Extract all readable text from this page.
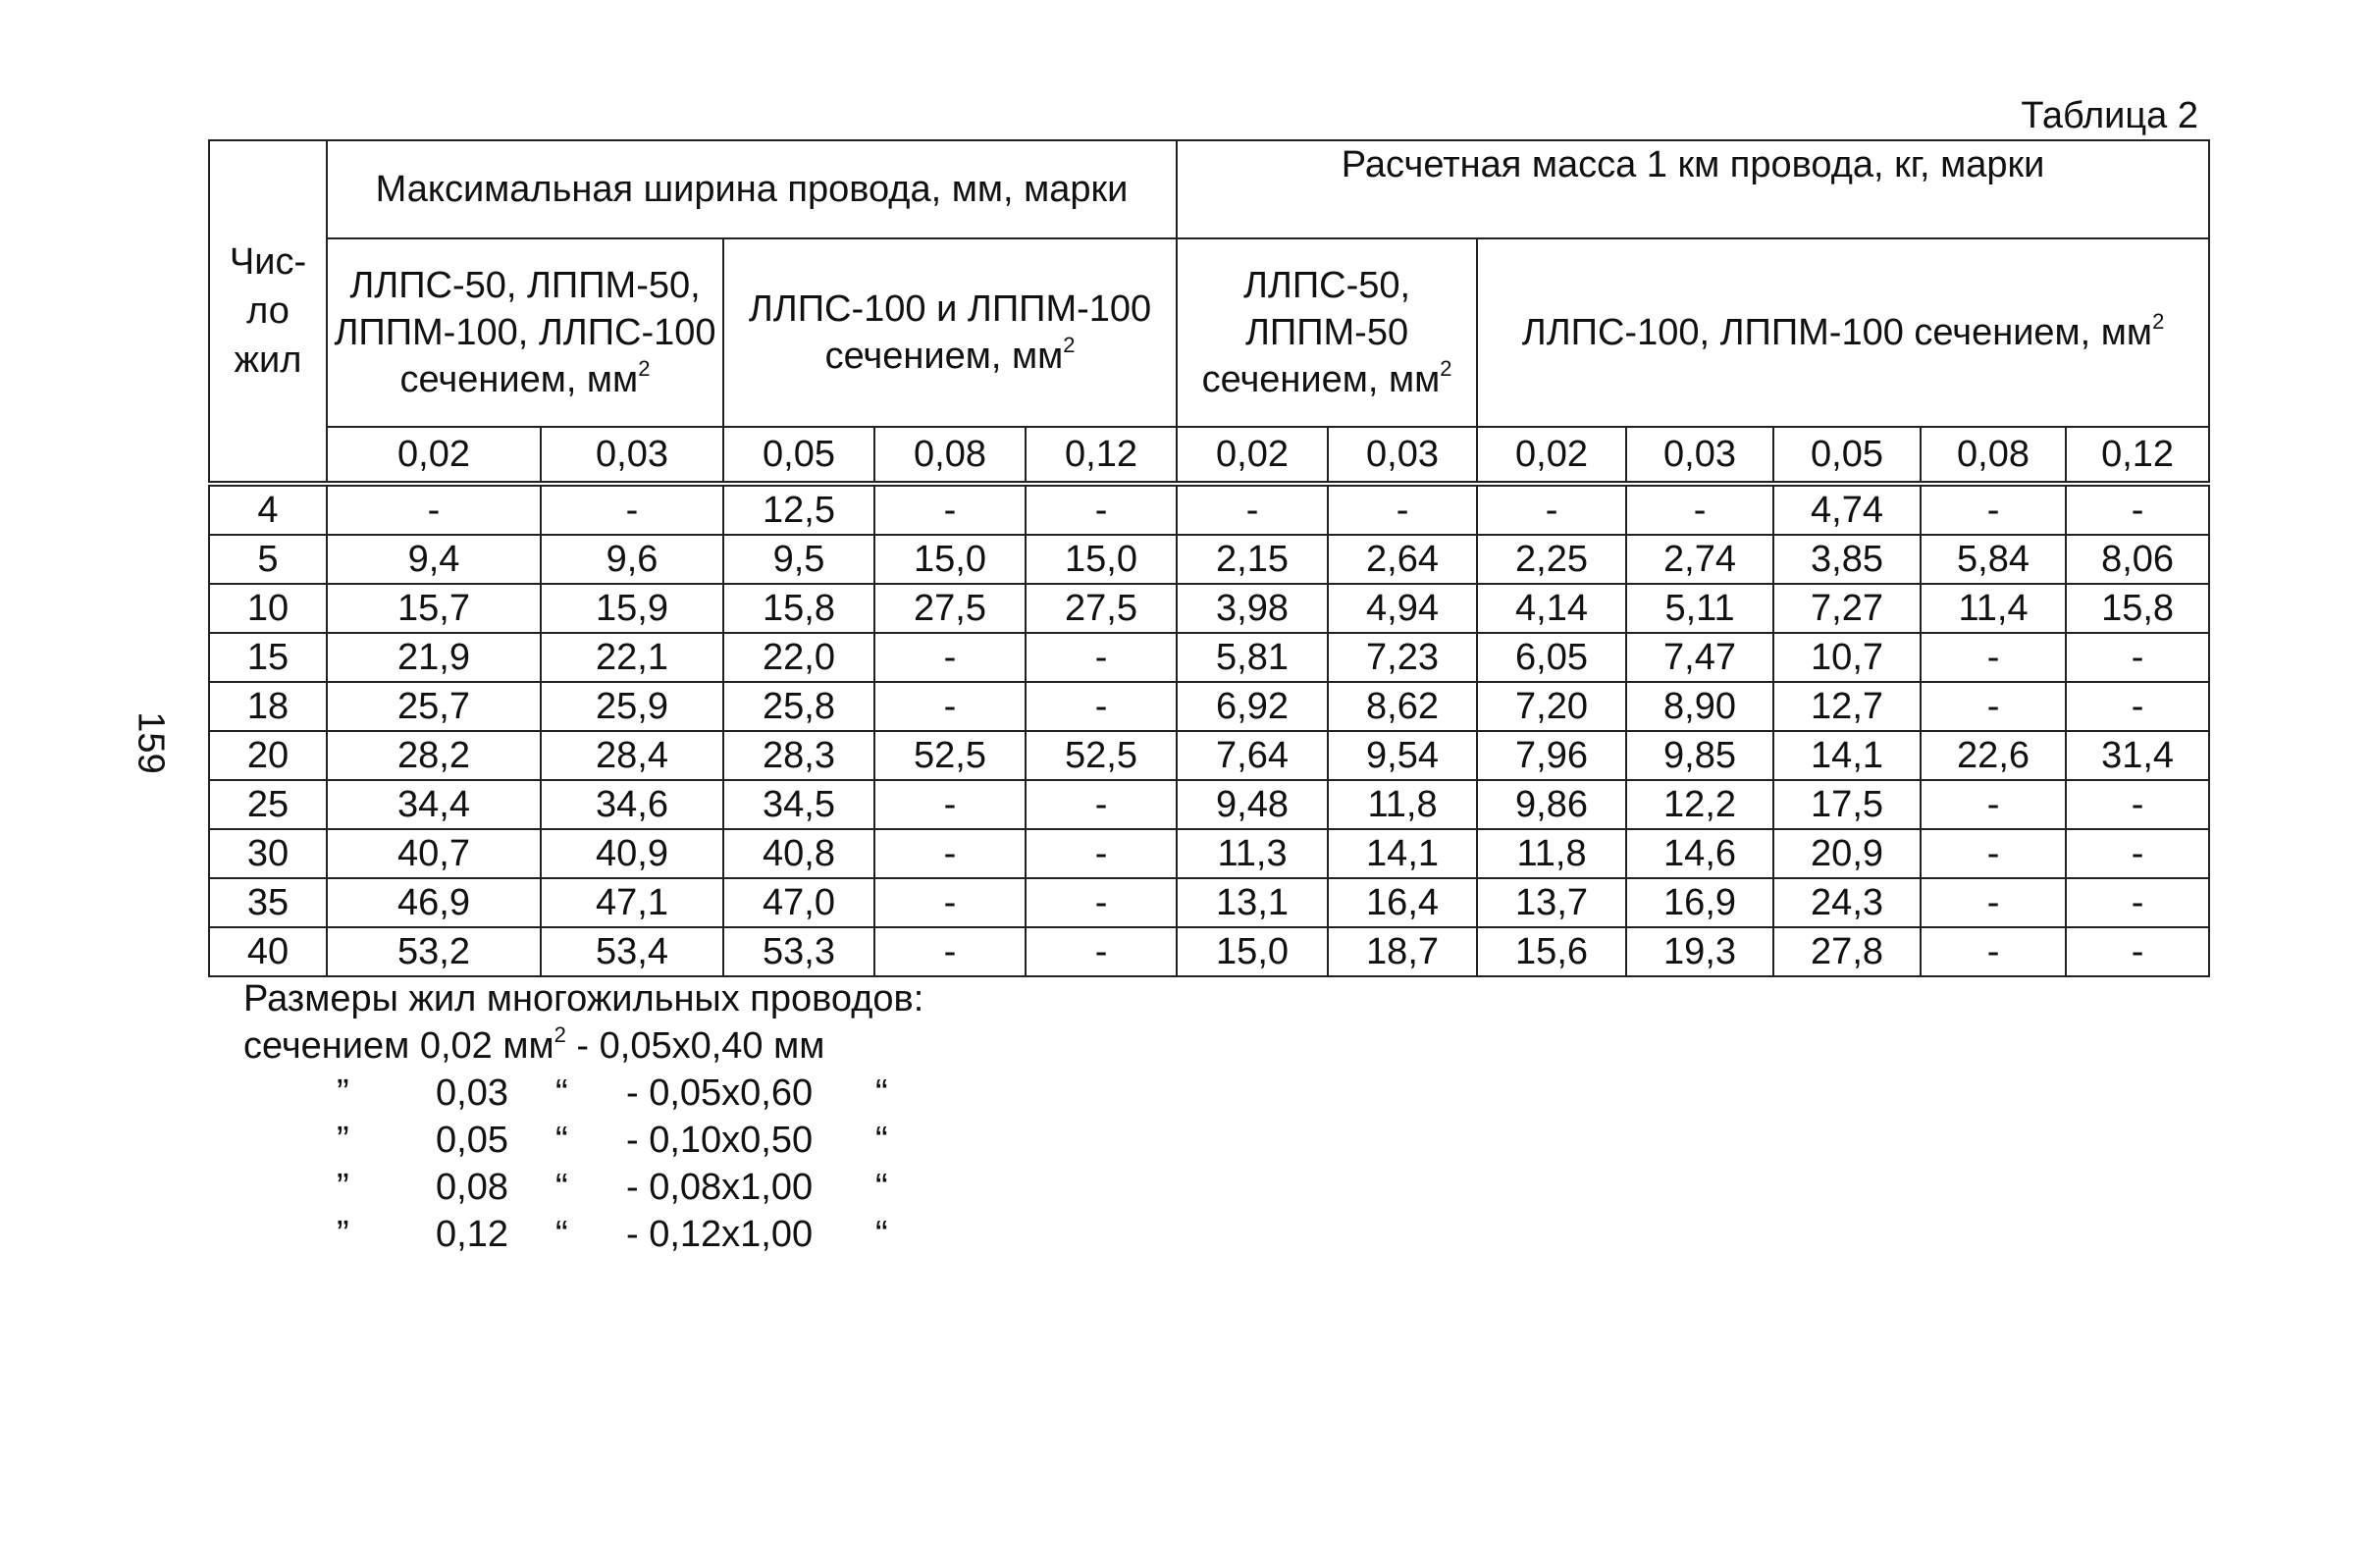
Таблица 2
159
Чис-ло жил	Максимальная ширина провода, мм, марки					Расчетная масса 1 км провода, кг, марки						
	ЛЛПС-50, ЛППМ-50, ЛППМ-100, ЛЛПС-100 сечением, $мм^2$		ЛЛПС-100 и ЛППМ-100 сечением, $мм^2$			ЛЛПС-50, ЛППМ-50 сечением, $мм^2$		ЛЛПС-100, ЛППМ-100 сечением, $мм^2$
	0,02	0,03	0,05	0,08	0,12	0,02	0,03	0,02	0,03	0,05	0,08	0,12
4	-	-	12,5	-	-	-	-	-	-	4,74	-	-
5	9,4	9,6	9,5	15,0	15,0	2,15	2,64	2,25	2,74	3,85	5,84	8,06
10	15,7	15,9	15,8	27,5	27,5	3,98	4,94	4,14	5,11	7,27	11,4	15,8
15	21,9	22,1	22,0	-	-	5,81	7,23	6,05	7,47	10,7	-	-
18	25,7	25,9	25,8	-	-	6,92	8,62	7,20	8,90	12,7	-	-
20	28,2	28,4	28,3	52,5	52,5	7,64	9,54	7,96	9,85	14,1	22,6	31,4
25	34,4	34,6	34,5	-	-	9,48	11,8	9,86	12,2	17,5	-	-
30	40,7	40,9	40,8	-	-	11,3	14,1	11,8	14,6	20,9	-	-
35	46,9	47,1	47,0	-	-	13,1	16,4	13,7	16,9	24,3	-	-
40	53,2	53,4	53,3	-	-	15,0	18,7	15,6	19,3	27,8	-	-
Размеры жил многожильных проводов:
сечением 0,02 $мм^2 - 0,05х0,40$ мм
” 0,03 “ - 0,05х0,60 “
” 0,05 “ - 0,10х0,50 “
” 0,08 “ - 0,08х1,00 “
” 0,12 “ - 0,12х1,00 “
